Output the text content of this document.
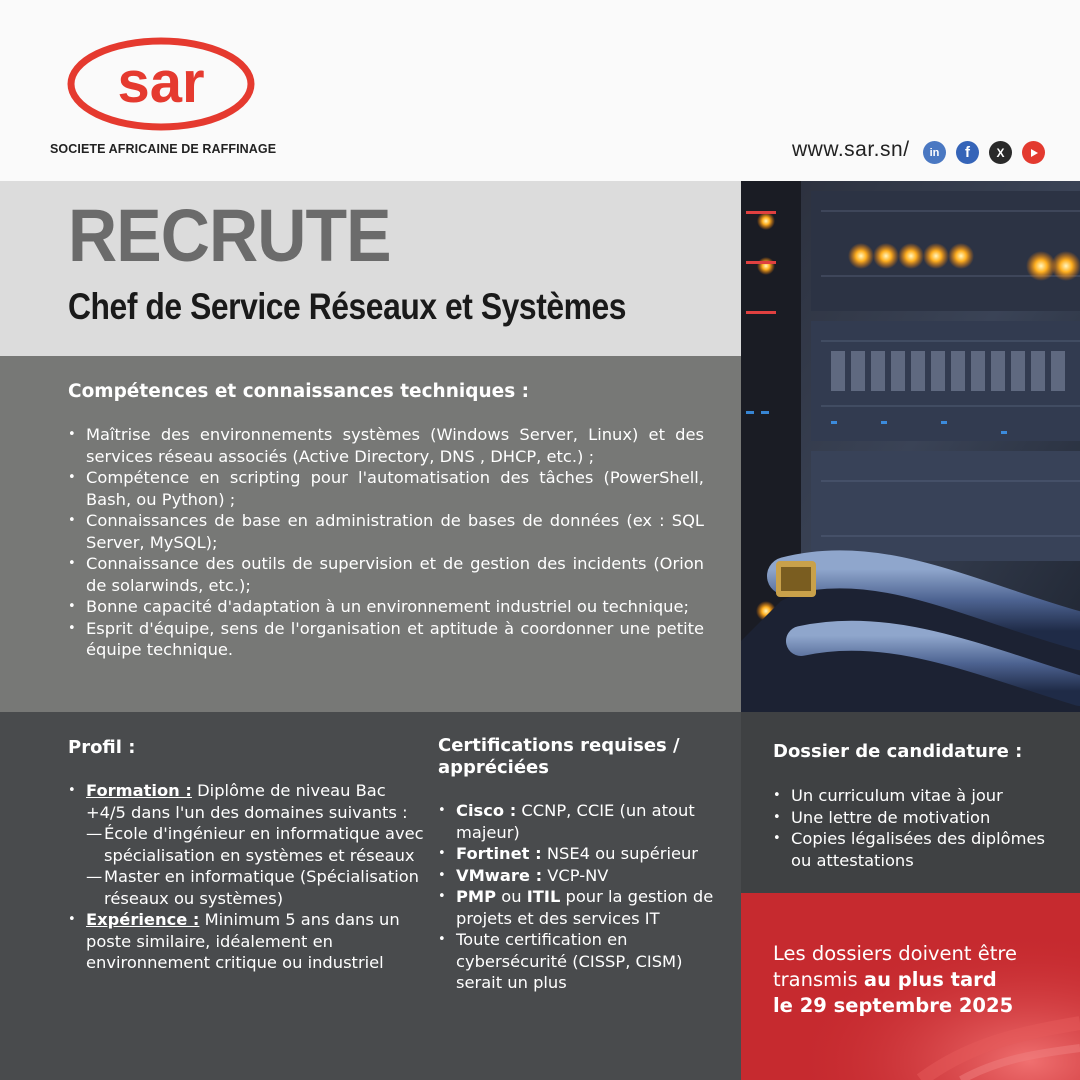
sar
SOCIETE AFRICAINE DE RAFFINAGE	www.sar.sn/	in	f	X
RECRUTE
Chef de Service Réseaux et Systèmes
Compétences et connaissances techniques :
• Maîtrise des environnements systèmes (Windows Server, Linux) et des services réseau associés (Active Directory, DNS , DHCP, etc.) ;
• Compétence en scripting pour l'automatisation des tâches (PowerShell, Bash, ou Python) ;
• Connaissances de base en administration de bases de données (ex : SQL Server, MySQL);
• Connaissance des outils de supervision et de gestion des incidents (Orion de solarwinds, etc.);
• Bonne capacité d'adaptation à un environnement industriel ou technique;
• Esprit d'équipe, sens de l'organisation et aptitude à coordonner une petite équipe technique.
Profil :
• Formation : Diplôme de niveau Bac +4/5 dans l'un des domaines suivants :
— École d'ingénieur en informatique avec spécialisation en systèmes et réseaux
— Master en informatique (Spécialisation réseaux ou systèmes)
• Expérience : Minimum 5 ans dans un poste similaire, idéalement en environnement critique ou industriel
Certifications requises / appréciées
• Cisco : CCNP, CCIE (un atout majeur)
• Fortinet : NSE4 ou supérieur
• VMware : VCP-NV
• PMP ou ITIL pour la gestion de projets et des services IT
• Toute certification en cybersécurité (CISSP, CISM) serait un plus
Dossier de candidature :
• Un curriculum vitae à jour
• Une lettre de motivation
• Copies légalisées des diplômes ou attestations
Les dossiers doivent être transmis au plus tard
le 29 septembre 2025
